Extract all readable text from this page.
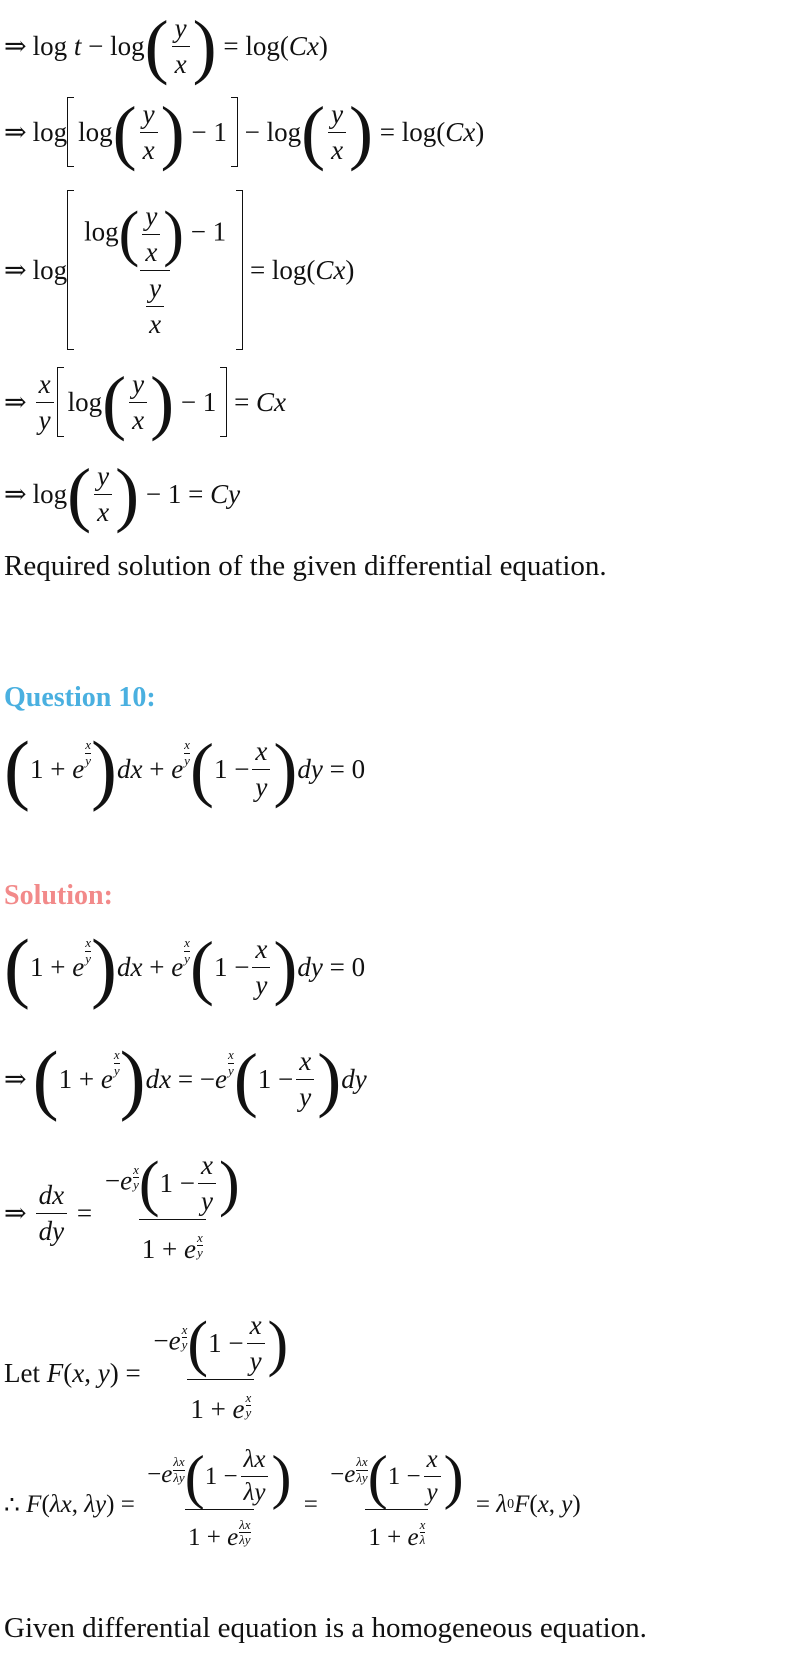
⇒ log t − log ( $\frac{y}{x}$ ) = log( Cx )
⇒ log log ( $\frac{y}{x}$ ) − 1 − log ( $\frac{y}{x}$ ) = log( Cx )
⇒ $\log \frac{\log ( \frac{y}{x} ) - 1}{\frac{y}{x}} = \log$( Cx )
⇒ $\frac{x}{y}$ log ( $\frac{y}{x}$ ) − 1 = Cx
⇒ log ( $\frac{y}{x}$ ) − 1 = Cy
Required solution of the given differential equation.
Question 10:
( 1 + e
x
y ) dx + e
x
y ( $1 - \frac{x}{y}$ ) dy = 0
Solution:
( 1 + e
x
y ) dx + e
x
y ( $1 - \frac{x}{y}$ ) dy = 0
⇒ ( 1 + e
x
y ) dx = − e
x
y ( $1 - \frac{x}{y}$ ) dy
⇒ $\frac{dx}{dy} = \frac{-e \frac{x}{y} ( 1 - \frac{x}{y} )}{1 + e \frac{x}{y}}$
Let F ( x , y ) = $\frac{-e \frac{x}{y} ( 1 - \frac{x}{y} )}{1 + e \frac{x}{y}}$
∴ F ( λx , λy ) = $\frac{-e \frac{\lambda x}{\lambda y} ( 1 - \frac{\lambda x}{\lambda y} )}{1 + e \frac{\lambda x}{\lambda y}} = \frac{-e \frac{\lambda x}{\lambda y} ( 1 - \frac{x}{y} )}{1 + e \frac{x}{\lambda}} = \lambda$ 0 F ( x , y )
Given differential equation is a homogeneous equation.
